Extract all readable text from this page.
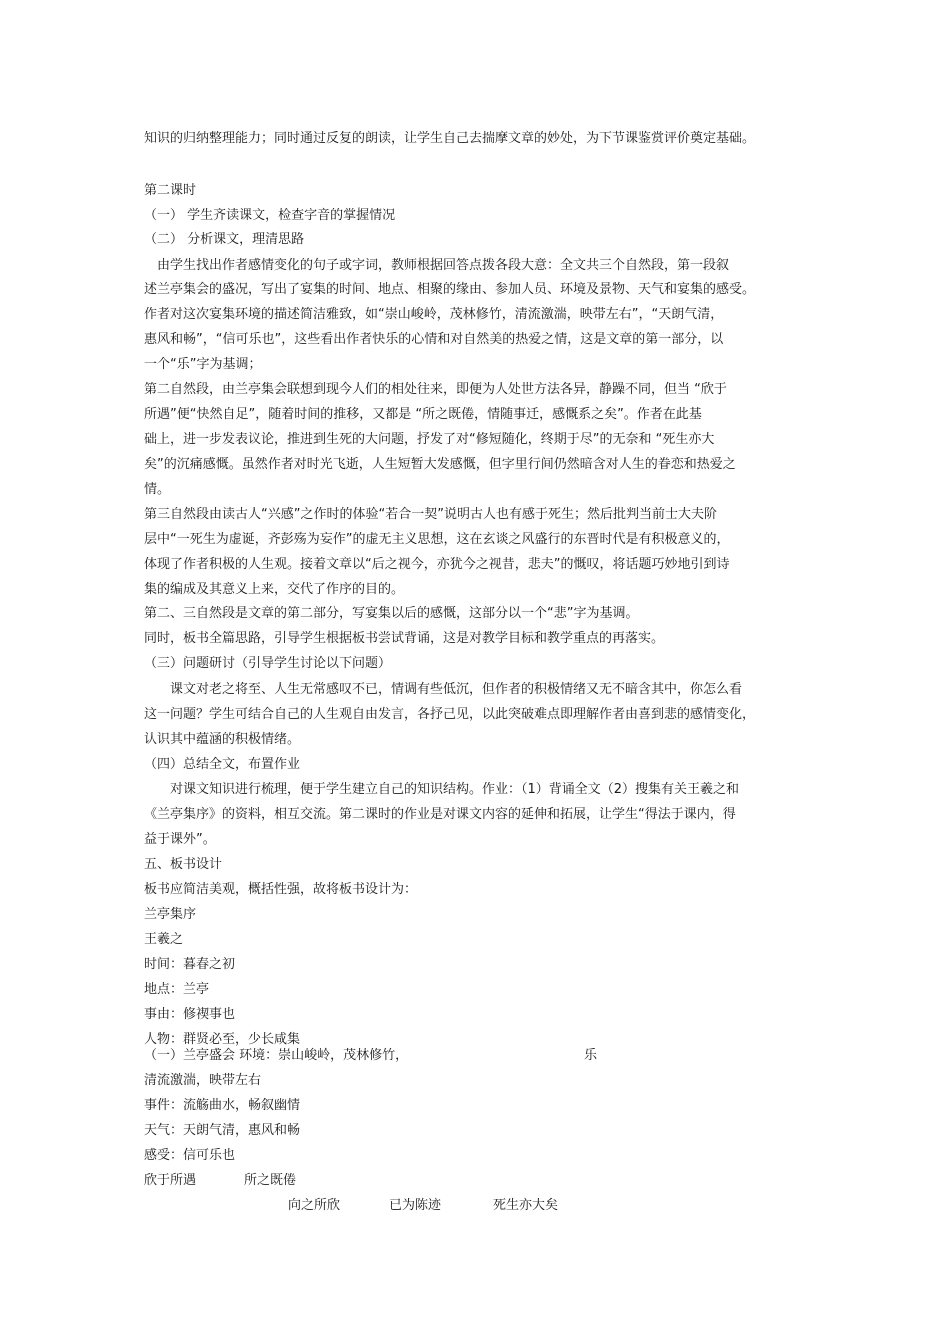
知识的归纳整理能力；同时通过反复的朗读，让学生自己去揣摩文章的妙处，为下节课鉴赏评价奠定基础。
第二课时
（一） 学生齐读课文，检查字音的掌握情况
（二） 分析课文，理清思路
　由学生找出作者感情变化的句子或字词，教师根据回答点拨各段大意：全文共三个自然段，第一段叙
述兰亭集会的盛况，写出了宴集的时间、地点、相聚的缘由、参加人员、环境及景物、天气和宴集的感受。
作者对这次宴集环境的描述简洁雅致，如“崇山峻岭，茂林修竹，清流激湍，映带左右”，“天朗气清，
惠风和畅”，“信可乐也”，这些看出作者快乐的心情和对自然美的热爱之情，这是文章的第一部分，以
一个“乐”字为基调；
第二自然段，由兰亭集会联想到现今人们的相处往来，即便为人处世方法各异，静躁不同，但当 “欣于
所遇”便“快然自足”，随着时间的推移，又都是 “所之既倦，情随事迁，感慨系之矣”。作者在此基
础上，进一步发表议论，推进到生死的大问题，抒发了对“修短随化，终期于尽”的无奈和 “死生亦大
矣”的沉痛感慨。虽然作者对时光飞逝，人生短暂大发感慨，但字里行间仍然暗含对人生的眷恋和热爱之
情。
第三自然段由读古人“兴感”之作时的体验“若合一契”说明古人也有感于死生；然后批判当前士大夫阶
层中“一死生为虚诞，齐彭殇为妄作”的虚无主义思想，这在玄谈之风盛行的东晋时代是有积极意义的，
体现了作者积极的人生观。接着文章以“后之视今，亦犹今之视昔，悲夫”的慨叹，将话题巧妙地引到诗
集的编成及其意义上来，交代了作序的目的。
第二、三自然段是文章的第二部分，写宴集以后的感慨，这部分以一个“悲”字为基调。
同时，板书全篇思路，引导学生根据板书尝试背诵，这是对教学目标和教学重点的再落实。
（三）问题研讨（引导学生讨论以下问题）
　　课文对老之将至、人生无常感叹不已，情调有些低沉，但作者的积极情绪又无不暗含其中，你怎么看
这一问题？学生可结合自己的人生观自由发言，各抒己见，以此突破难点即理解作者由喜到悲的感情变化，
认识其中蕴涵的积极情绪。
（四）总结全文，布置作业
　　对课文知识进行梳理，便于学生建立自己的知识结构。作业：（1）背诵全文（2）搜集有关王羲之和
《兰亭集序》的资料，相互交流。第二课时的作业是对课文内容的延伸和拓展，让学生“得法于课内，得
益于课外”。
五、板书设计
板书应简洁美观，概括性强，故将板书设计为：
兰亭集序
王羲之
时间：暮春之初
地点：兰亭
事由：修禊事也
人物：群贤必至，少长咸集
（一）兰亭盛会 环境：崇山峻岭，茂林修竹，	乐
清流激湍，映带左右
事件：流觞曲水，畅叙幽情
天气：天朗气清，惠风和畅
感受：信可乐也
欣于所遇	所之既倦
向之所欣	已为陈迹	死生亦大矣
